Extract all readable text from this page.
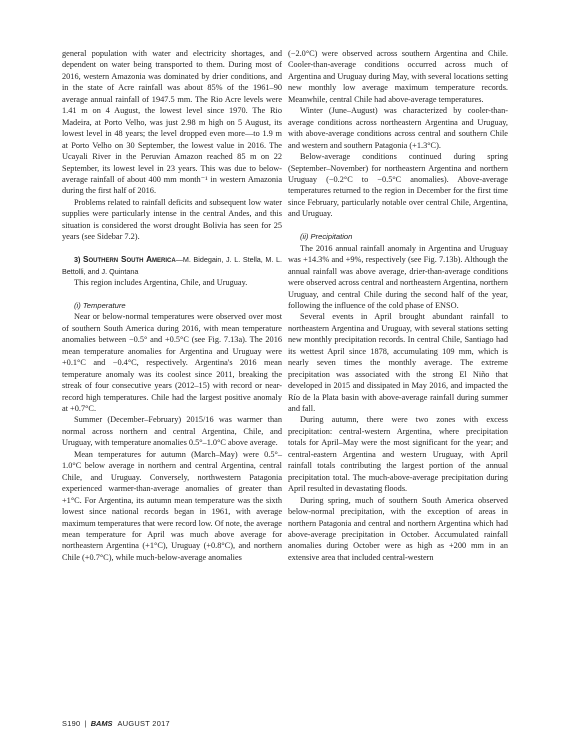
general population with water and electricity shortages, and dependent on water being transported to them. During most of 2016, western Amazonia was dominated by drier conditions, and in the state of Acre rainfall was about 85% of the 1961–90 average annual rainfall of 1947.5 mm. The Rio Acre levels were 1.41 m on 4 August, the lowest level since 1970. The Rio Madeira, at Porto Velho, was just 2.98 m high on 5 August, its lowest level in 48 years; the level dropped even more—to 1.9 m at Porto Velho on 30 September, the lowest value in 2016. The Ucayali River in the Peruvian Amazon reached 85 m on 22 September, its lowest level in 23 years. This was due to below-average rainfall of about 400 mm month⁻¹ in western Amazonia during the first half of 2016.

Problems related to rainfall deficits and subsequent low water supplies were particularly intense in the central Andes, and this situation is considered the worst drought Bolivia has seen for 25 years (see Sidebar 7.2).

3) Southern South America—M. Bidegain, J. L. Stella, M. L. Bettolli, and J. Quintana

This region includes Argentina, Chile, and Uruguay.

(i) Temperature

Near or below-normal temperatures were observed over most of southern South America during 2016, with mean temperature anomalies between −0.5° and +0.5°C (see Fig. 7.13a). The 2016 mean temperature anomalies for Argentina and Uruguay were +0.1°C and −0.4°C, respectively. Argentina's 2016 mean temperature anomaly was its coolest since 2011, breaking the streak of four consecutive years (2012–15) with record or near-record high temperatures. Chile had the largest positive anomaly at +0.7°C.

Summer (December–February) 2015/16 was warmer than normal across northern and central Argentina, Chile, and Uruguay, with temperature anomalies 0.5°–1.0°C above average.

Mean temperatures for autumn (March–May) were 0.5°–1.0°C below average in northern and central Argentina, central Chile, and Uruguay. Conversely, northwestern Patagonia experienced warmer-than-average anomalies of greater than +1°C. For Argentina, its autumn mean temperature was the sixth lowest since national records began in 1961, with average maximum temperatures that were record low. Of note, the average mean temperature for April was much above average for northeastern Argentina (+1°C), Uruguay (+0.8°C), and northern Chile (+0.7°C), while much-below-average anomalies

(−2.0°C) were observed across southern Argentina and Chile. Cooler-than-average conditions occurred across much of Argentina and Uruguay during May, with several locations setting new monthly low average maximum temperature records. Meanwhile, central Chile had above-average temperatures.

Winter (June–August) was characterized by cooler-than-average conditions across northeastern Argentina and Uruguay, with above-average conditions across central and southern Chile and western and southern Patagonia (+1.3°C).

Below-average conditions continued during spring (September–November) for northeastern Argentina and northern Uruguay (−0.2°C to −0.5°C anomalies). Above-average temperatures returned to the region in December for the first time since February, particularly notable over central Chile, Argentina, and Uruguay.

(ii) Precipitation

The 2016 annual rainfall anomaly in Argentina and Uruguay was +14.3% and +9%, respectively (see Fig. 7.13b). Although the annual rainfall was above average, drier-than-average conditions were observed across central and northeastern Argentina, northern Uruguay, and central Chile during the second half of the year, following the influence of the cold phase of ENSO.

Several events in April brought abundant rainfall to northeastern Argentina and Uruguay, with several stations setting new monthly precipitation records. In central Chile, Santiago had its wettest April since 1878, accumulating 109 mm, which is nearly seven times the monthly average. The extreme precipitation was associated with the strong El Niño that developed in 2015 and dissipated in May 2016, and impacted the Río de la Plata basin with above-average rainfall during summer and fall.

During autumn, there were two zones with excess precipitation: central-western Argentina, where precipitation totals for April–May were the most significant for the year; and central-eastern Argentina and western Uruguay, with April rainfall totals contributing the largest portion of the annual precipitation total. The much-above-average precipitation during April resulted in devastating floods.

During spring, much of southern South America observed below-normal precipitation, with the exception of areas in northern Patagonia and central and northern Argentina which had above-average precipitation in October. Accumulated rainfall anomalies during October were as high as +200 mm in an extensive area that included central-western

S190 | BAMS AUGUST 2017
